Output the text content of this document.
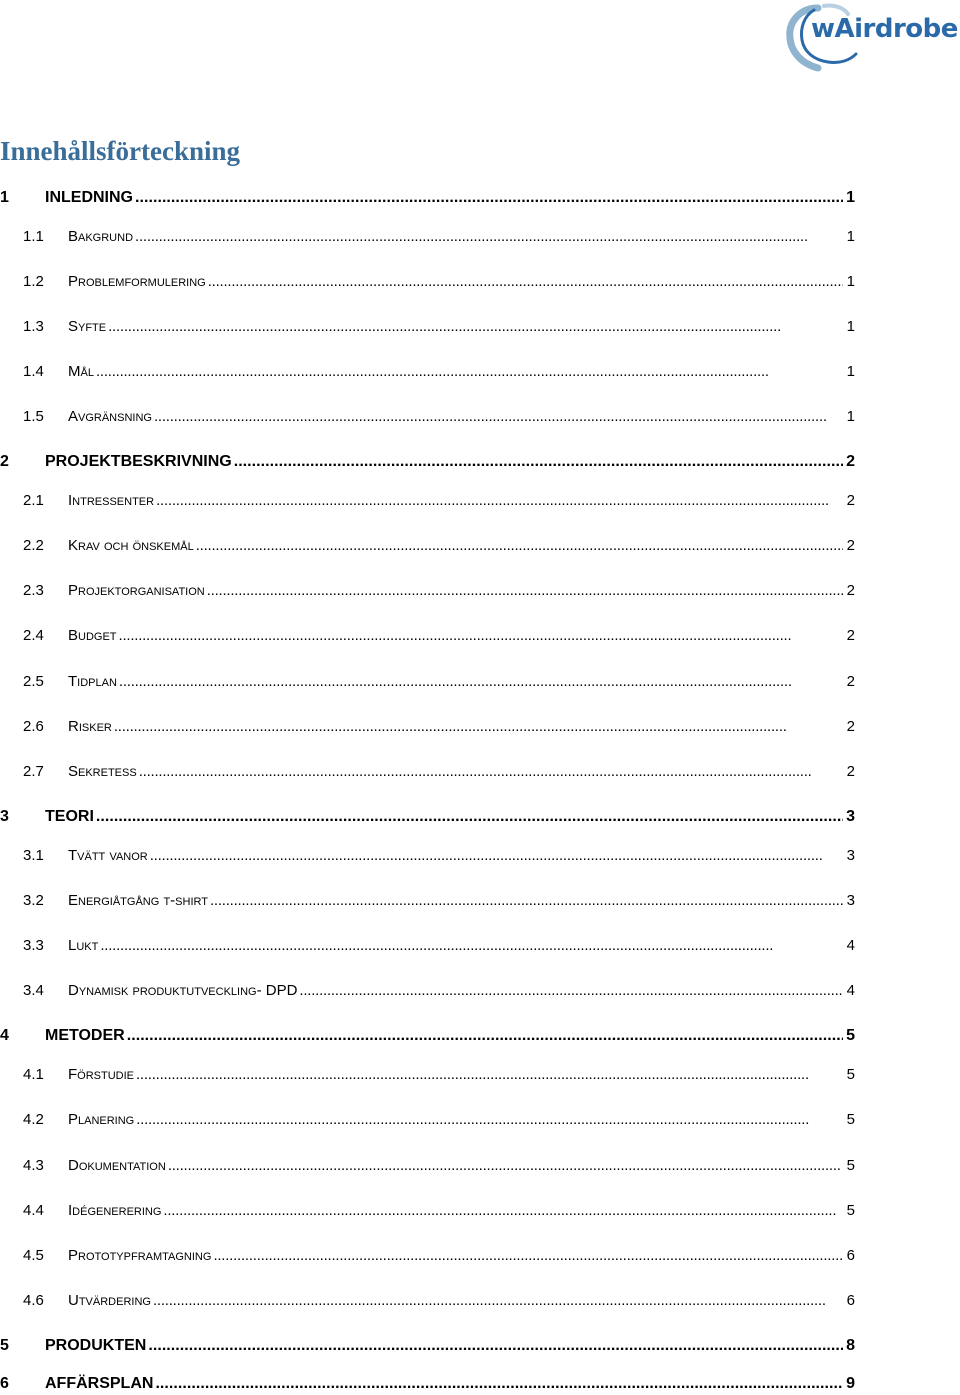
wAirdrobe
Innehållsförteckning
1	INLEDNING . . .	1
1.1	Bakgrund . . .	1
1.2	Problemformulering . . .	1
1.3	Syfte . . .	1
1.4	Mål . . .	1
1.5	Avgränsning . . .	1
2	PROJEKTBESKRIVNING . . .	2
2.1	Intressenter . . .	2
2.2	Krav och önskemål . . .	2
2.3	Projektorganisation . . .	2
2.4	Budget . . .	2
2.5	Tidplan . . .	2
2.6	Risker . . .	2
2.7	Sekretess . . .	2
3	TEORI . . .	3
3.1	Tvätt vanor . . .	3
3.2	Energiåtgång t-shirt . . .	3
3.3	Lukt . . .	4
3.4	Dynamisk produktutveckling- DPD . . .	4
4	METODER . . .	5
4.1	Förstudie . . .	5
4.2	Planering . . .	5
4.3	Dokumentation . . .	5
4.4	Idégenerering . . .	5
4.5	Prototypframtagning . . .	6
4.6	Utvärdering . . .	6
5	PRODUKTEN . . .	8
6	AFFÄRSPLAN . . .	9
